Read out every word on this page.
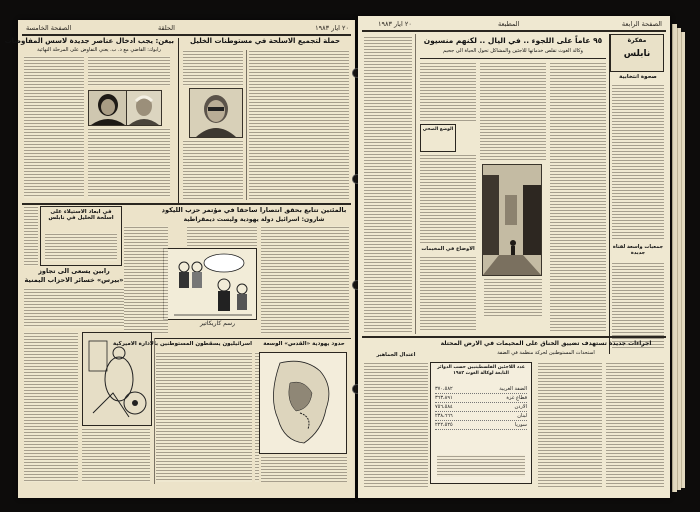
٢٠ ايار ١٩٨٣
الحلقة
الصفحة الخامسة
حملة لتجميع الاسلحة في مستوطنات الخليل
بيغن: يجب ادخال عناصر جديدة لاسس المفاوضات
رابوك: القاضي مع د. ب. يعني التفاوض على المرحلة النهائية
بالمئتين تتابع بحقق انتصارا ساحقا في مؤتمر حزب الليكود
شارون: اسرائيل دولة يهودية وليست ديمقراطية
رسم كاريكاتير
في ابعاد الاستيلاء على اسلحة الخليل في نابلس
رابين يسعى الى تجاوز «بيرس» خسائر الاحزاب اليمنية
اسرائيليون يسقطون المستوطنين بالادارة الاميركية	حدود يهودية «القدس» الوسعة
الصفحة الرابعة
المطبعة
٢٠ ايار ١٩٨٣
مفكرة
نابلس
صحوة انتخابية
جمعيات واسعة لفتاة جديدة
٩٥ عاماً على اللجوء .. في اليال .. لكنهم منسيون
وكالة الغوث تقلص خدماتها للاجئين والمشاكل تحول الحياة الى جحيم
الوضع الصحي
الاوضاع في المخيمات
اجراءات جديدة تستهدف تضييق الخناق على المخيمات في الارض المحتلة
استحداث المستوطنين لحركة منظمة في الضفة
عدد اللاجئين الفلسطينيين حسب الدوائر التابعة لوكالة الغوث ١٩٨٢
الضفة الغربية
٣٧٠،٥٨٢
قطاع غزة
٣٦٣،٨٩١
الاردن
٧٥٦،٥٨٤
لبنان
٢٣٨،٦٦٦
سوريا
٢٢٢،٥٢٥
اعتدال الجماهير
